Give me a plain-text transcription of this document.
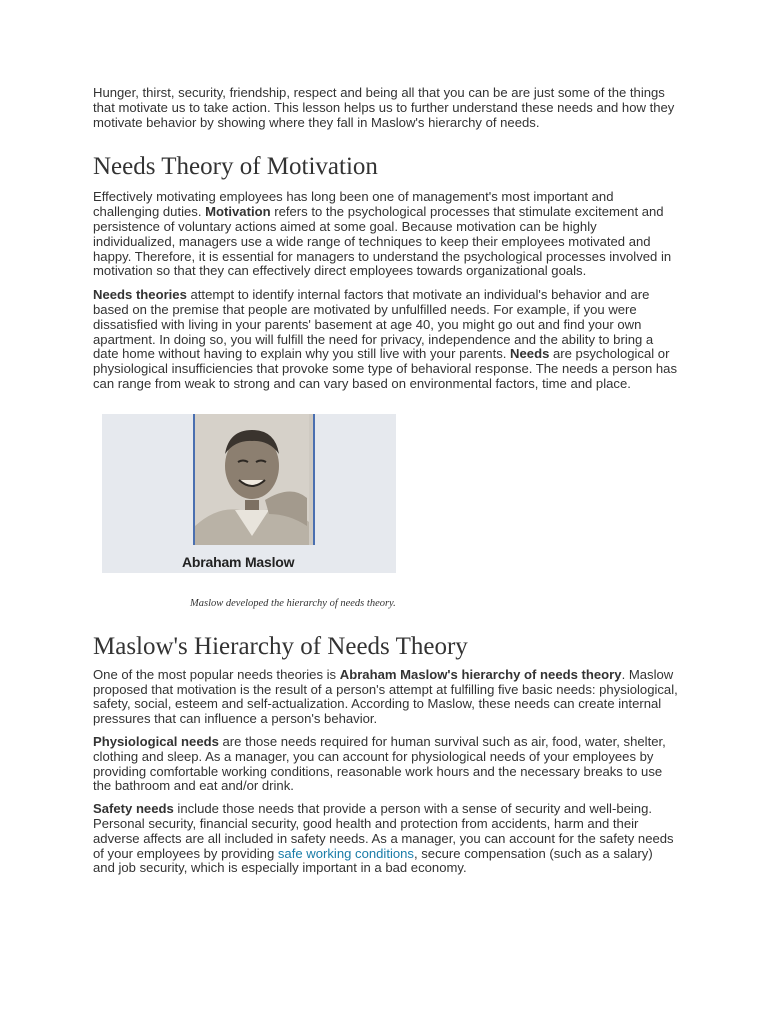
Hunger, thirst, security, friendship, respect and being all that you can be are just some of the things that motivate us to take action. This lesson helps us to further understand these needs and how they motivate behavior by showing where they fall in Maslow's hierarchy of needs.

Needs Theory of Motivation

Effectively motivating employees has long been one of management's most important and challenging duties. Motivation refers to the psychological processes that stimulate excitement and persistence of voluntary actions aimed at some goal. Because motivation can be highly individualized, managers use a wide range of techniques to keep their employees motivated and happy. Therefore, it is essential for managers to understand the psychological processes involved in motivation so that they can effectively direct employees towards organizational goals.

Needs theories attempt to identify internal factors that motivate an individual's behavior and are based on the premise that people are motivated by unfulfilled needs. For example, if you were dissatisfied with living in your parents' basement at age 40, you might go out and find your own apartment. In doing so, you will fulfill the need for privacy, independence and the ability to bring a date home without having to explain why you still live with your parents. Needs are psychological or physiological insufficiencies that provoke some type of behavioral response. The needs a person has can range from weak to strong and can vary based on environmental factors, time and place.

Abraham Maslow
Maslow developed the hierarchy of needs theory.
Maslow's Hierarchy of Needs Theory

One of the most popular needs theories is Abraham Maslow's hierarchy of needs theory. Maslow proposed that motivation is the result of a person's attempt at fulfilling five basic needs: physiological, safety, social, esteem and self-actualization. According to Maslow, these needs can create internal pressures that can influence a person's behavior.

Physiological needs are those needs required for human survival such as air, food, water, shelter, clothing and sleep. As a manager, you can account for physiological needs of your employees by providing comfortable working conditions, reasonable work hours and the necessary breaks to use the bathroom and eat and/or drink.

Safety needs include those needs that provide a person with a sense of security and well-being. Personal security, financial security, good health and protection from accidents, harm and their adverse affects are all included in safety needs. As a manager, you can account for the safety needs of your employees by providing safe working conditions, secure compensation (such as a salary) and job security, which is especially important in a bad economy.
